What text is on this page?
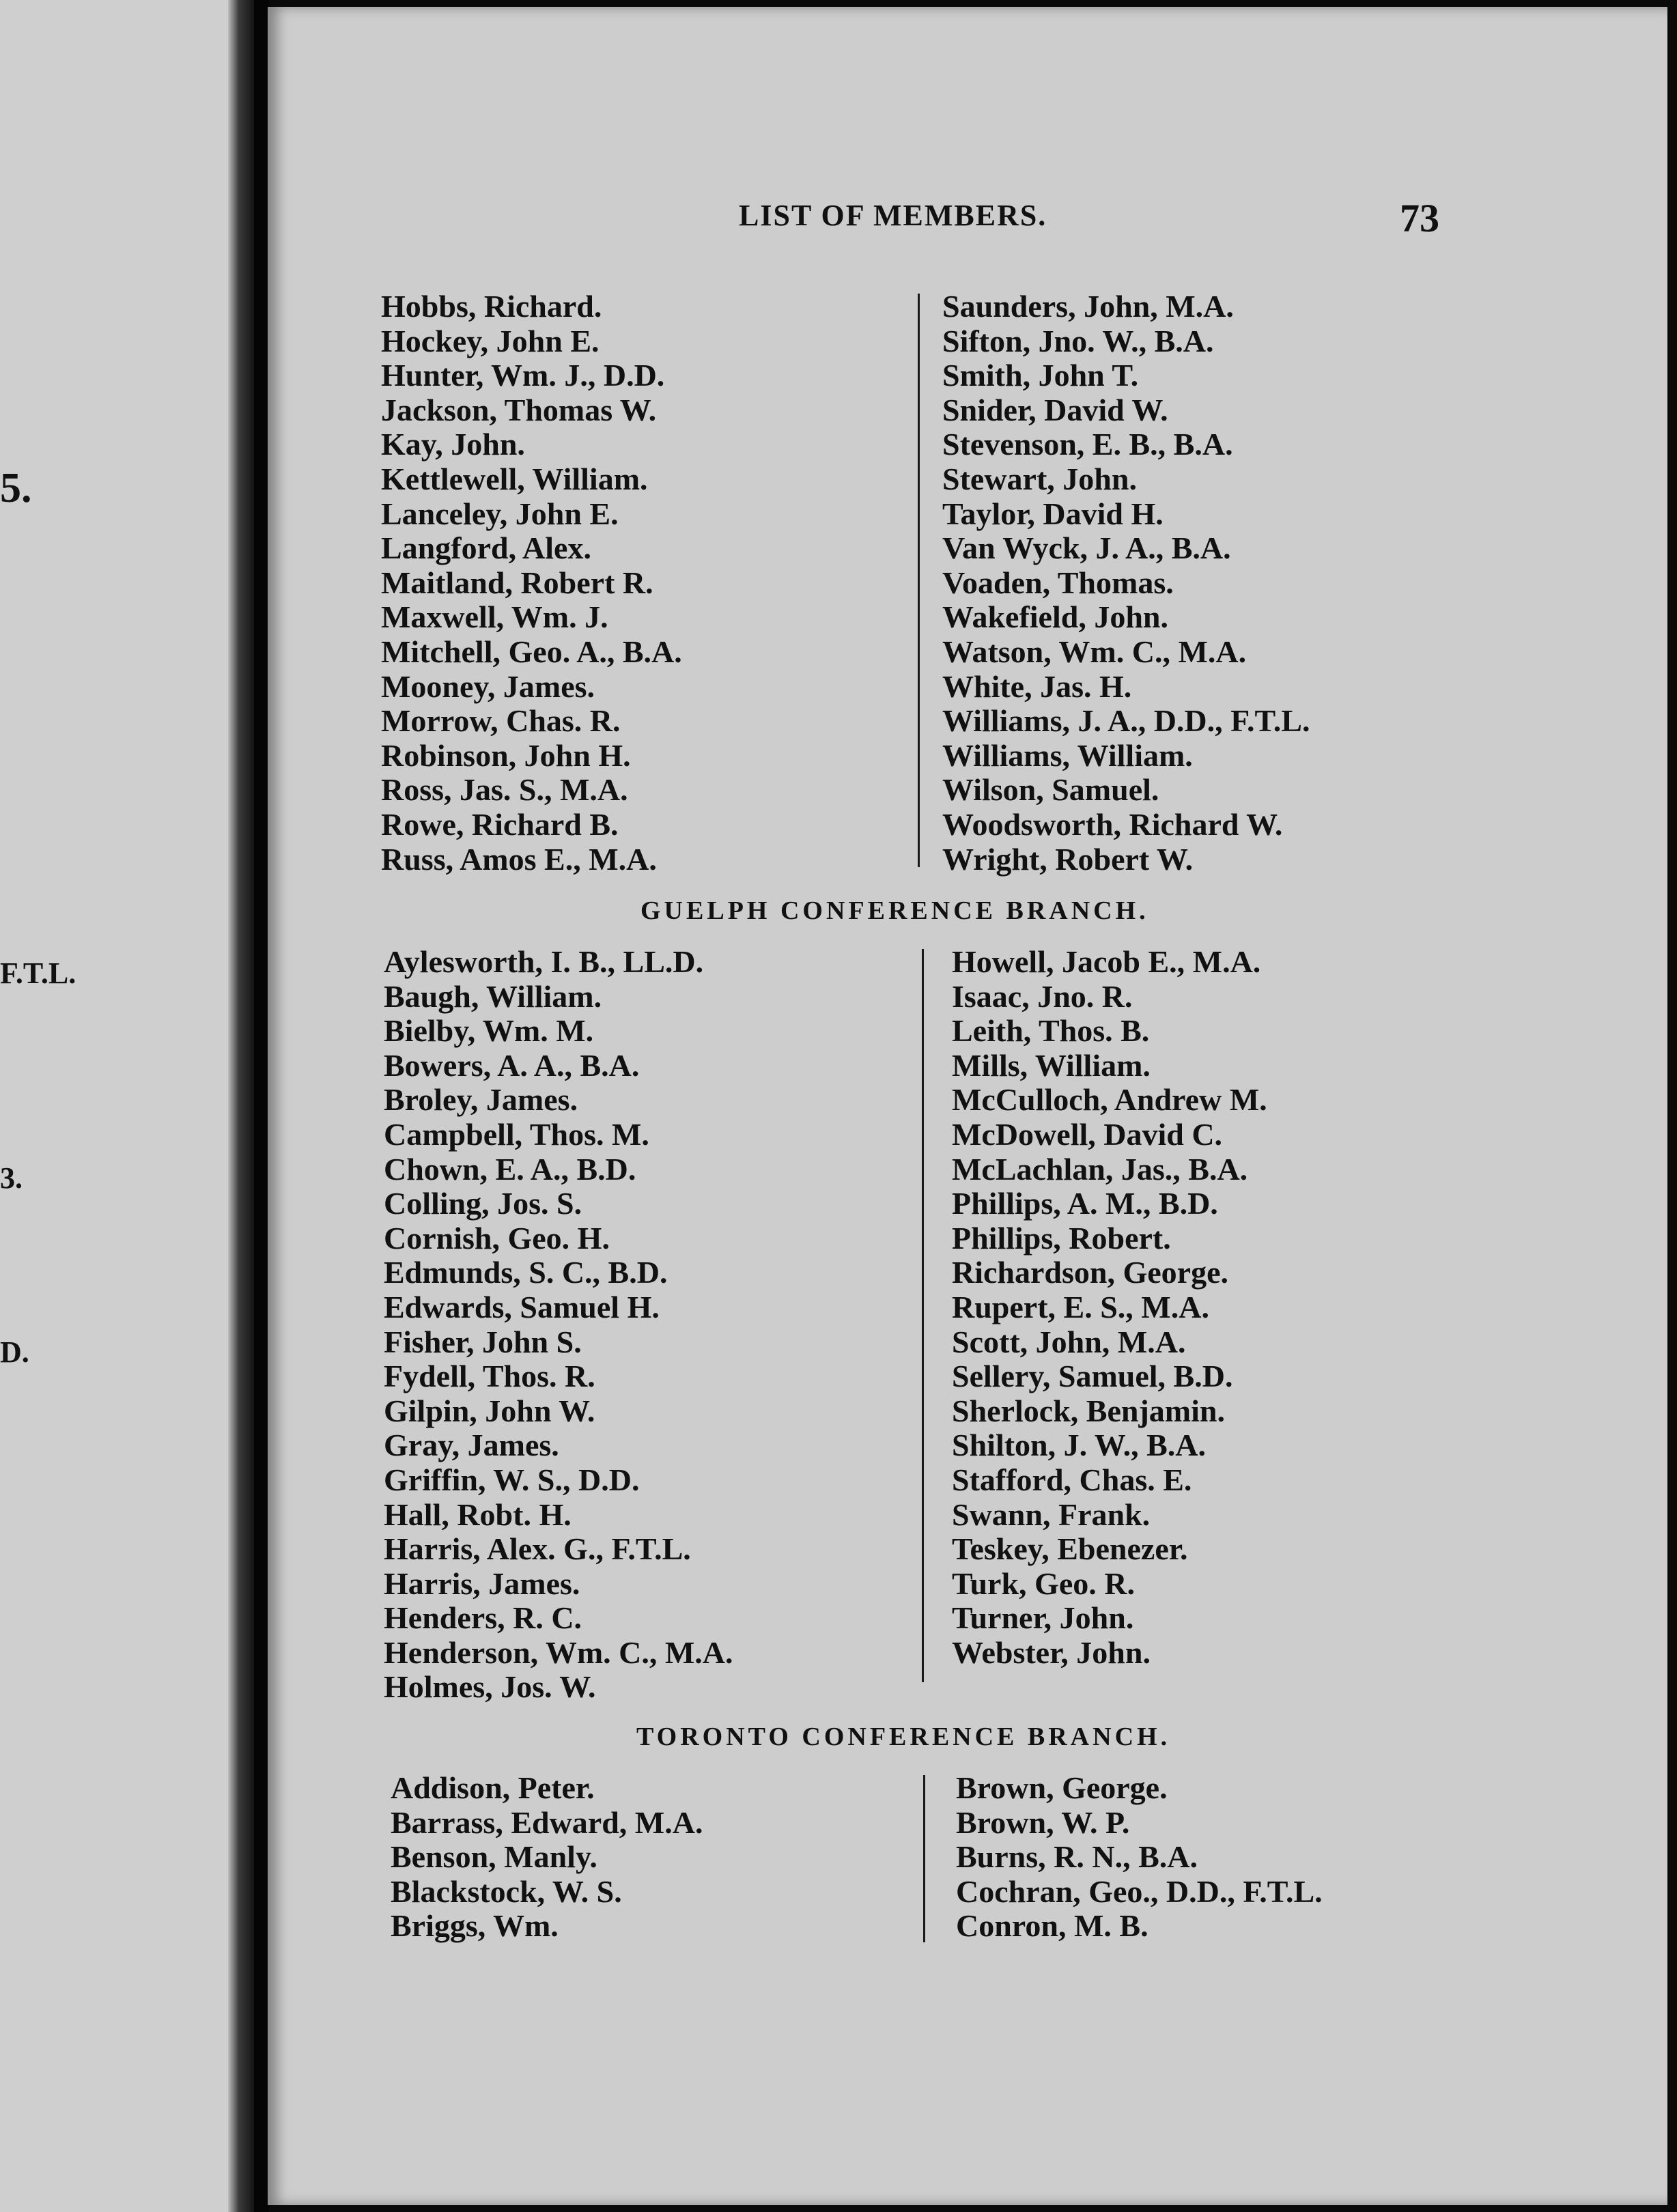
5.
F.T.L.
3.
D.
LIST OF MEMBERS.	73
Hobbs, Richard.
Hockey, John E.
Hunter, Wm. J., D.D.
Jackson, Thomas W.
Kay, John.
Kettlewell, William.
Lanceley, John E.
Langford, Alex.
Maitland, Robert R.
Maxwell, Wm. J.
Mitchell, Geo. A., B.A.
Mooney, James.
Morrow, Chas. R.
Robinson, John H.
Ross, Jas. S., M.A.
Rowe, Richard B.
Russ, Amos E., M.A.
Saunders, John, M.A.
Sifton, Jno. W., B.A.
Smith, John T.
Snider, David W.
Stevenson, E. B., B.A.
Stewart, John.
Taylor, David H.
Van Wyck, J. A., B.A.
Voaden, Thomas.
Wakefield, John.
Watson, Wm. C., M.A.
White, Jas. H.
Williams, J. A., D.D., F.T.L.
Williams, William.
Wilson, Samuel.
Woodsworth, Richard W.
Wright, Robert W.
GUELPH CONFERENCE BRANCH.
Aylesworth, I. B., LL.D.
Baugh, William.
Bielby, Wm. M.
Bowers, A. A., B.A.
Broley, James.
Campbell, Thos. M.
Chown, E. A., B.D.
Colling, Jos. S.
Cornish, Geo. H.
Edmunds, S. C., B.D.
Edwards, Samuel H.
Fisher, John S.
Fydell, Thos. R.
Gilpin, John W.
Gray, James.
Griffin, W. S., D.D.
Hall, Robt. H.
Harris, Alex. G., F.T.L.
Harris, James.
Henders, R. C.
Henderson, Wm. C., M.A.
Holmes, Jos. W.
Howell, Jacob E., M.A.
Isaac, Jno. R.
Leith, Thos. B.
Mills, William.
McCulloch, Andrew M.
McDowell, David C.
McLachlan, Jas., B.A.
Phillips, A. M., B.D.
Phillips, Robert.
Richardson, George.
Rupert, E. S., M.A.
Scott, John, M.A.
Sellery, Samuel, B.D.
Sherlock, Benjamin.
Shilton, J. W., B.A.
Stafford, Chas. E.
Swann, Frank.
Teskey, Ebenezer.
Turk, Geo. R.
Turner, John.
Webster, John.
TORONTO CONFERENCE BRANCH.
Addison, Peter.
Barrass, Edward, M.A.
Benson, Manly.
Blackstock, W. S.
Briggs, Wm.
Brown, George.
Brown, W. P.
Burns, R. N., B.A.
Cochran, Geo., D.D., F.T.L.
Conron, M. B.
